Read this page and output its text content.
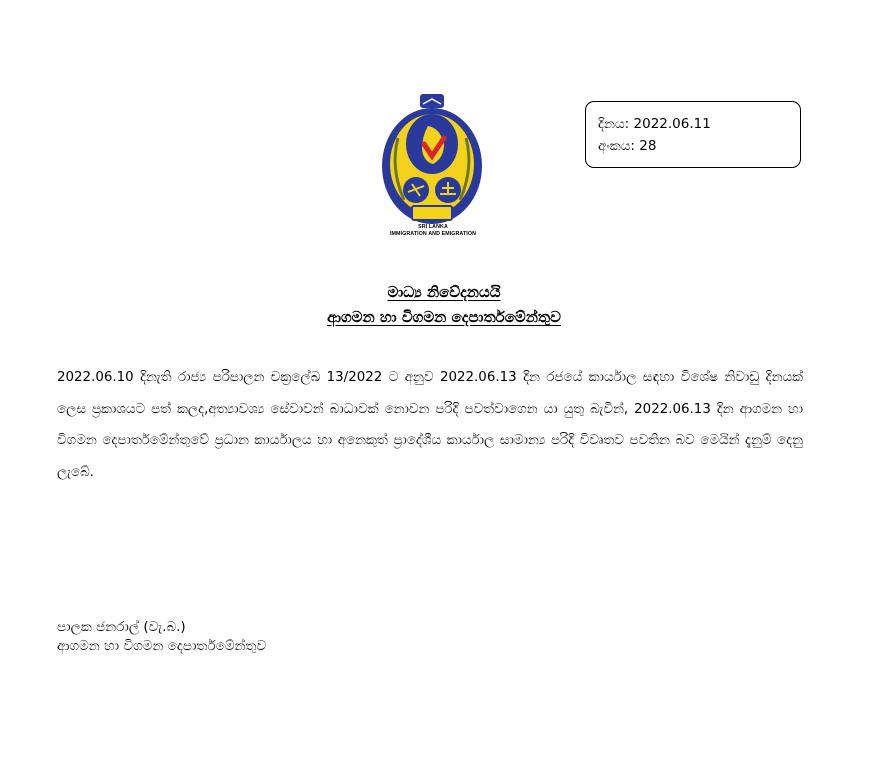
SRI LANKA
IMMIGRATION AND EMIGRATION
දිනය: 2022.06.11
අංකය: 28
මාධ්‍ය නිවේදනයයි
ආගමන හා විගමන දෙපාර්තමේන්තුව
2022.06.10 දිනැති රාජ්‍ය පරිපාලන චක්‍රලේඛ 13/2022 ට අනුව 2022.06.13 දින රජයේ කාර්යාල සඳහා විශේෂ නිවාඩු දිනයක් ලෙස ප්‍රකාශයට පත් කලද,අත්‍යාවශ්‍ය සේවාවන් බාධාවක් නොවන පරිදි පවත්වාගෙන යා යුතු බැවින්, 2022.06.13 දින ආගමන හා විගමන දෙපාර්තමේන්තුවේ ප්‍රධාන කාර්යාලය හා අනෙකුත් ප්‍රාදේශීය කාර්යාල සාමාන්‍ය පරිදි විවෘතව පවතින බව මෙයින් දැනුම් දෙනු ලැබේ.
පාලක ජනරාල් (වැ.බ.)
ආගමන හා විගමන දෙපාර්තමේන්තුව
